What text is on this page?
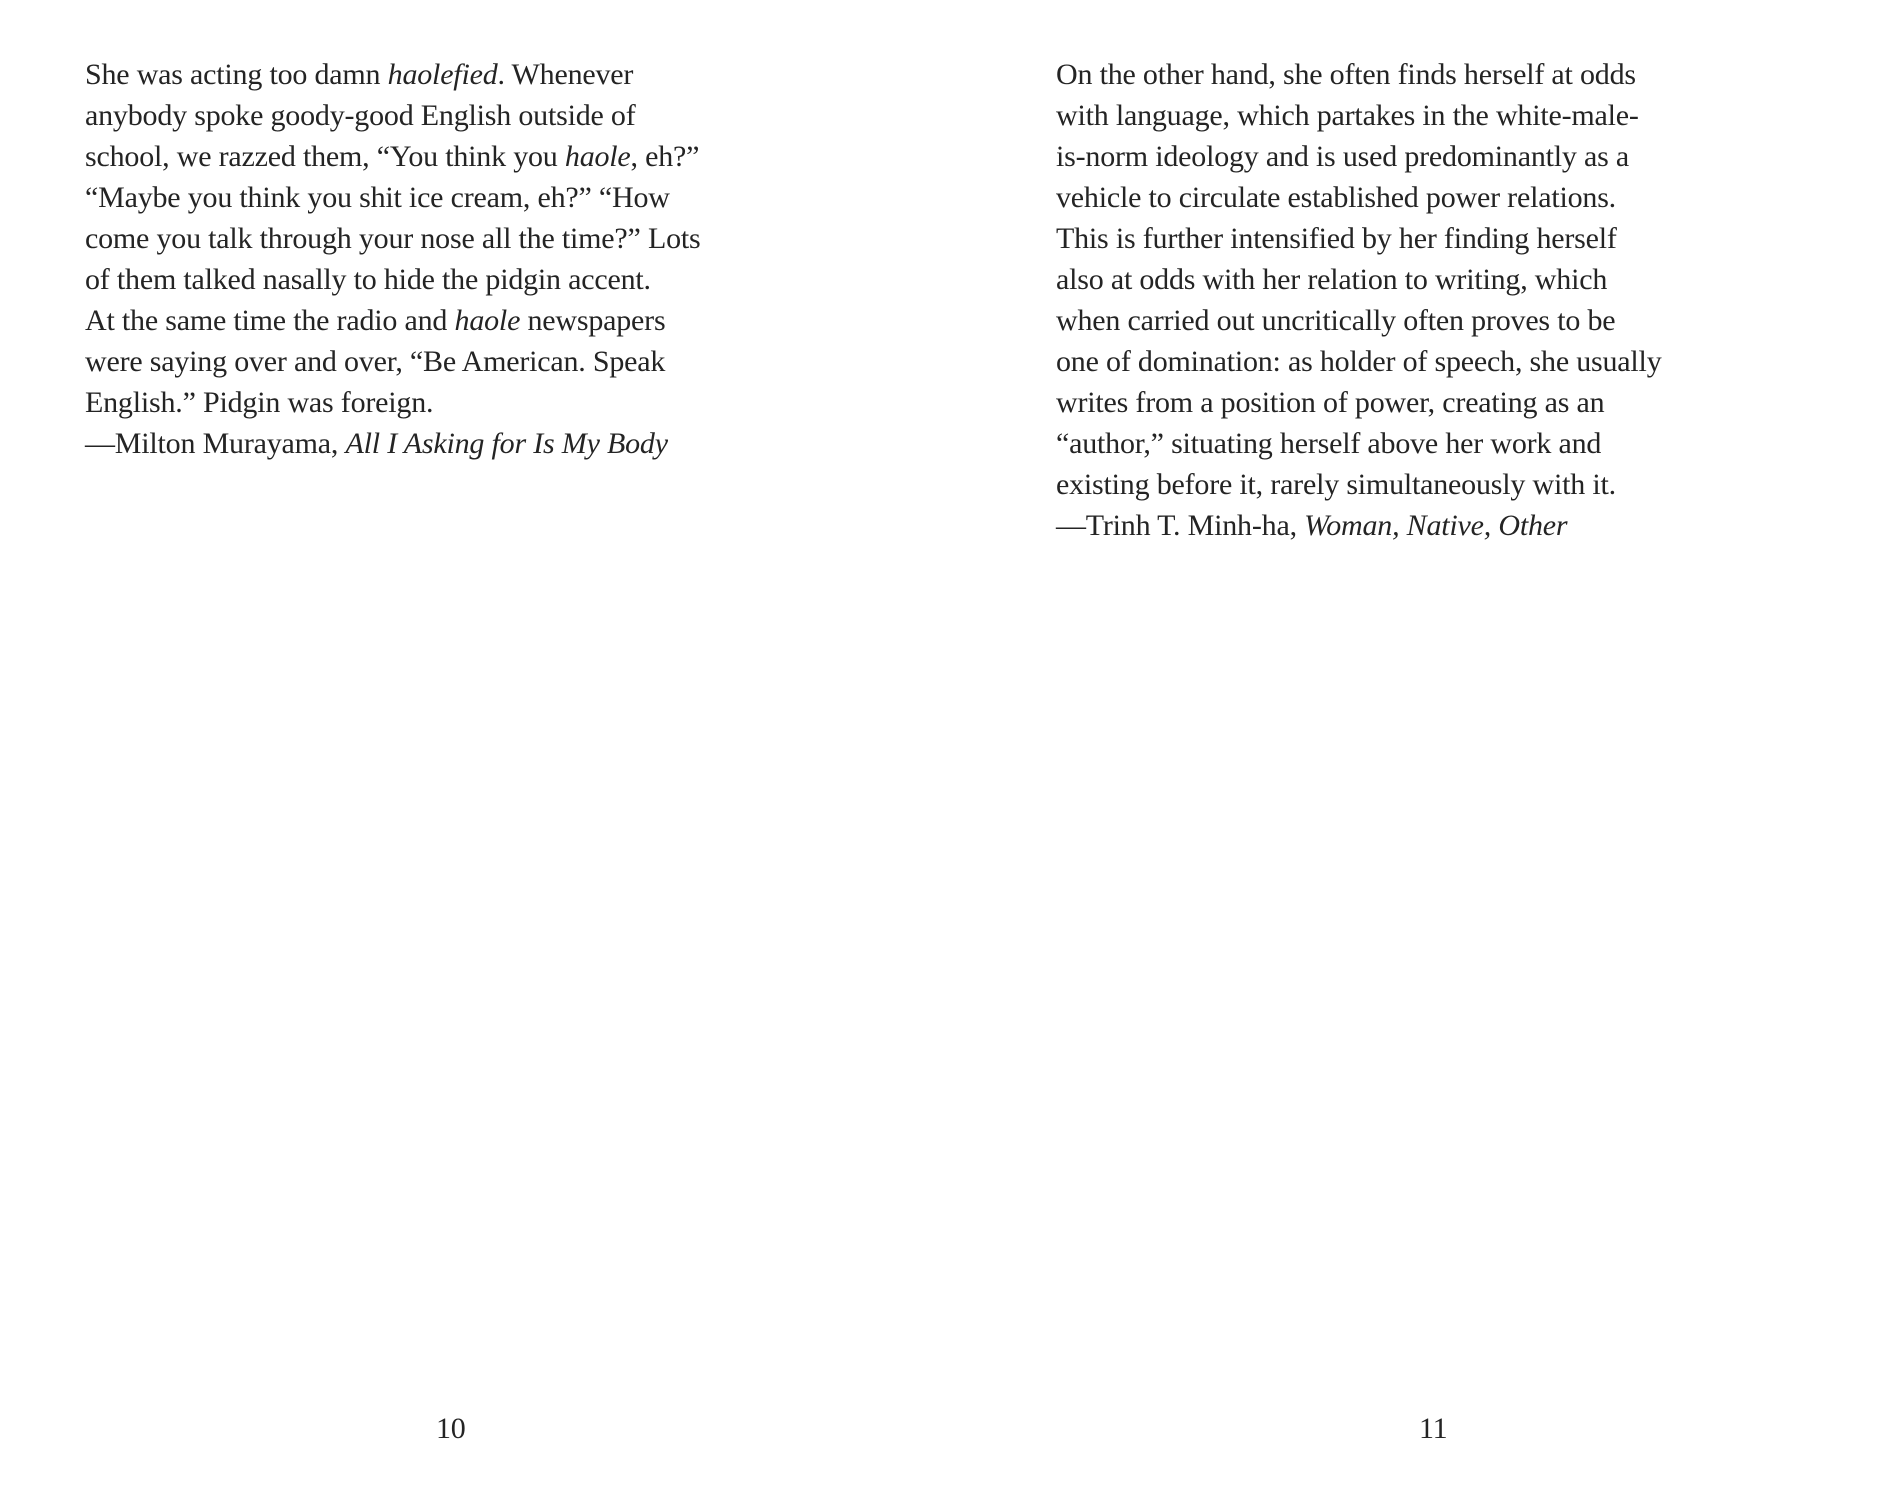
She was acting too damn haolefied. Whenever
anybody spoke goody-good English outside of
school, we razzed them, “You think you haole, eh?”
“Maybe you think you shit ice cream, eh?” “How
come you talk through your nose all the time?” Lots
of them talked nasally to hide the pidgin accent.
At the same time the radio and haole newspapers
were saying over and over, “Be American. Speak
English.” Pidgin was foreign.
—Milton Murayama, All I Asking for Is My Body
On the other hand, she often finds herself at odds
with language, which partakes in the white-male-
is-norm ideology and is used predominantly as a
vehicle to circulate established power relations.
This is further intensified by her finding herself
also at odds with her relation to writing, which
when carried out uncritically often proves to be
one of domination: as holder of speech, she usually
writes from a position of power, creating as an
“author,” situating herself above her work and
existing before it, rarely simultaneously with it.
—Trinh T. Minh-ha, Woman, Native, Other
10	11
